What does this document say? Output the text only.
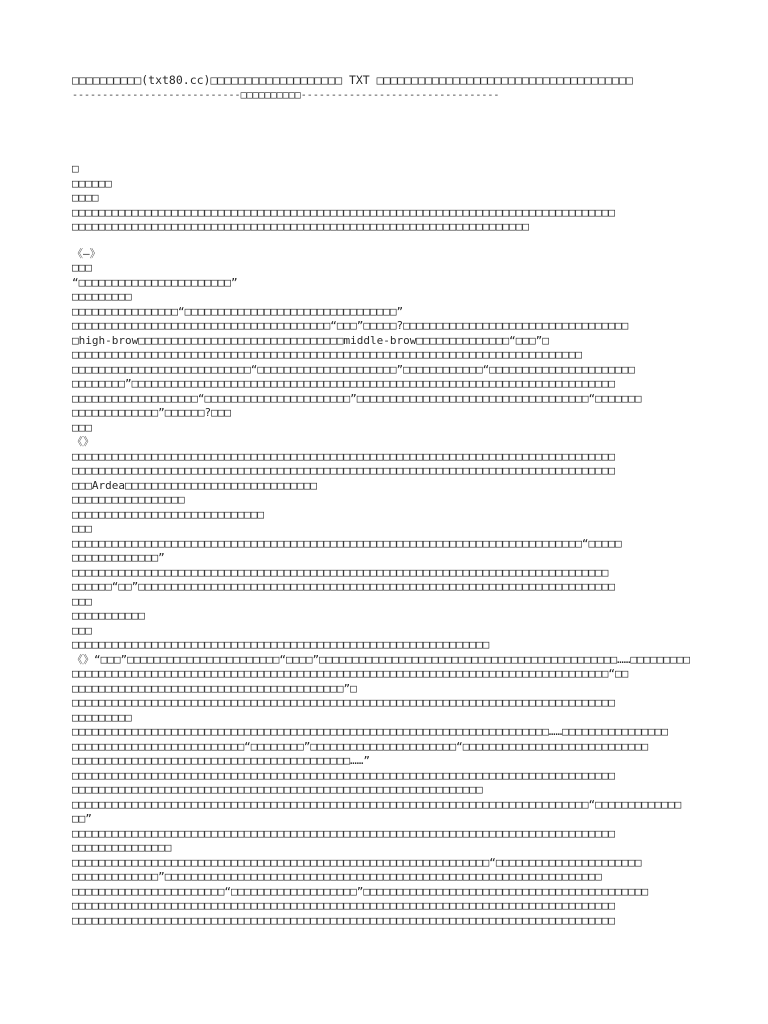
□□□□□□□□□□(txt80.cc)□□□□□□□□□□□□□□□□□□□ TXT □□□□□□□□□□□□□□□□□□□□□□□□□□□□□□□□□□□□□
----------------------------□□□□□□□□□□---------------------------------
□
□□□□□□
□□□□
□□□□□□□□□□□□□□□□□□□□□□□□□□□□□□□□□□□□□□□□□□□□□□□□□□□□□□□□□□□□□□□□□□□□□□□□□□□□□□□□□□
□□□□□□□□□□□□□□□□□□□□□□□□□□□□□□□□□□□□□□□□□□□□□□□□□□□□□□□□□□□□□□□□□□□□□
《—》
□□□
“□□□□□□□□□□□□□□□□□□□□□□□”
□□□□□□□□□
□□□□□□□□□□□□□□□□“□□□□□□□□□□□□□□□□□□□□□□□□□□□□□□□□”
□□□□□□□□□□□□□□□□□□□□□□□□□□□□□□□□□□□□□□□“□□□”□□□□□?□□□□□□□□□□□□□□□□□□□□□□□□□□□□□□□□□□
□high-brow□□□□□□□□□□□□□□□□□□□□□□□□□□□□□□□middle-brow□□□□□□□□□□□□□□“□□□”□
□□□□□□□□□□□□□□□□□□□□□□□□□□□□□□□□□□□□□□□□□□□□□□□□□□□□□□□□□□□□□□□□□□□□□□□□□□□□□
□□□□□□□□□□□□□□□□□□□□□□□□□□□“□□□□□□□□□□□□□□□□□□□□□”□□□□□□□□□□□□“□□□□□□□□□□□□□□□□□□□□□□
□□□□□□□□”□□□□□□□□□□□□□□□□□□□□□□□□□□□□□□□□□□□□□□□□□□□□□□□□□□□□□□□□□□□□□□□□□□□□□□□□□
□□□□□□□□□□□□□□□□□□□“□□□□□□□□□□□□□□□□□□□□□□”□□□□□□□□□□□□□□□□□□□□□□□□□□□□□□□□□□□“□□□□□□□
□□□□□□□□□□□□□”□□□□□□?□□□
□□□
《》
□□□□□□□□□□□□□□□□□□□□□□□□□□□□□□□□□□□□□□□□□□□□□□□□□□□□□□□□□□□□□□□□□□□□□□□□□□□□□□□□□□
□□□□□□□□□□□□□□□□□□□□□□□□□□□□□□□□□□□□□□□□□□□□□□□□□□□□□□□□□□□□□□□□□□□□□□□□□□□□□□□□□□
□□□Ardea□□□□□□□□□□□□□□□□□□□□□□□□□□□□□
□□□□□□□□□□□□□□□□□
□□□□□□□□□□□□□□□□□□□□□□□□□□□□□
□□□
□□□□□□□□□□□□□□□□□□□□□□□□□□□□□□□□□□□□□□□□□□□□□□□□□□□□□□□□□□□□□□□□□□□□□□□□□□□□□“□□□□□
□□□□□□□□□□□□□”
□□□□□□□□□□□□□□□□□□□□□□□□□□□□□□□□□□□□□□□□□□□□□□□□□□□□□□□□□□□□□□□□□□□□□□□□□□□□□□□□□
□□□□□□“□□”□□□□□□□□□□□□□□□□□□□□□□□□□□□□□□□□□□□□□□□□□□□□□□□□□□□□□□□□□□□□□□□□□□□□□□□□
□□□
□□□□□□□□□□□
□□□
□□□□□□□□□□□□□□□□□□□□□□□□□□□□□□□□□□□□□□□□□□□□□□□□□□□□□□□□□□□□□□□
《》“□□□”□□□□□□□□□□□□□□□□□□□□□□□“□□□□”□□□□□□□□□□□□□□□□□□□□□□□□□□□□□□□□□□□□□□□□□□□□□……□□□□□□□□□
□□□□□□□□□□□□□□□□□□□□□□□□□□□□□□□□□□□□□□□□□□□□□□□□□□□□□□□□□□□□□□□□□□□□□□□□□□□□□□□□□“□□
□□□□□□□□□□□□□□□□□□□□□□□□□□□□□□□□□□□□□□□□□”□
□□□□□□□□□□□□□□□□□□□□□□□□□□□□□□□□□□□□□□□□□□□□□□□□□□□□□□□□□□□□□□□□□□□□□□□□□□□□□□□□□□
□□□□□□□□□
□□□□□□□□□□□□□□□□□□□□□□□□□□□□□□□□□□□□□□□□□□□□□□□□□□□□□□□□□□□□□□□□□□□□□□□□……□□□□□□□□□□□□□□□□
□□□□□□□□□□□□□□□□□□□□□□□□□□“□□□□□□□□”□□□□□□□□□□□□□□□□□□□□□□“□□□□□□□□□□□□□□□□□□□□□□□□□□□□
□□□□□□□□□□□□□□□□□□□□□□□□□□□□□□□□□□□□□□□□□□……”
□□□□□□□□□□□□□□□□□□□□□□□□□□□□□□□□□□□□□□□□□□□□□□□□□□□□□□□□□□□□□□□□□□□□□□□□□□□□□□□□□□
□□□□□□□□□□□□□□□□□□□□□□□□□□□□□□□□□□□□□□□□□□□□□□□□□□□□□□□□□□□□□□
□□□□□□□□□□□□□□□□□□□□□□□□□□□□□□□□□□□□□□□□□□□□□□□□□□□□□□□□□□□□□□□□□□□□□□□□□□□□□□“□□□□□□□□□□□□□
□□”
□□□□□□□□□□□□□□□□□□□□□□□□□□□□□□□□□□□□□□□□□□□□□□□□□□□□□□□□□□□□□□□□□□□□□□□□□□□□□□□□□□
□□□□□□□□□□□□□□□
□□□□□□□□□□□□□□□□□□□□□□□□□□□□□□□□□□□□□□□□□□□□□□□□□□□□□□□□□□□□□□□“□□□□□□□□□□□□□□□□□□□□□□
□□□□□□□□□□□□□”□□□□□□□□□□□□□□□□□□□□□□□□□□□□□□□□□□□□□□□□□□□□□□□□□□□□□□□□□□□□□□□□□□
□□□□□□□□□□□□□□□□□□□□□□□“□□□□□□□□□□□□□□□□□□□”□□□□□□□□□□□□□□□□□□□□□□□□□□□□□□□□□□□□□□□□□□□
□□□□□□□□□□□□□□□□□□□□□□□□□□□□□□□□□□□□□□□□□□□□□□□□□□□□□□□□□□□□□□□□□□□□□□□□□□□□□□□□□□
□□□□□□□□□□□□□□□□□□□□□□□□□□□□□□□□□□□□□□□□□□□□□□□□□□□□□□□□□□□□□□□□□□□□□□□□□□□□□□□□□□
